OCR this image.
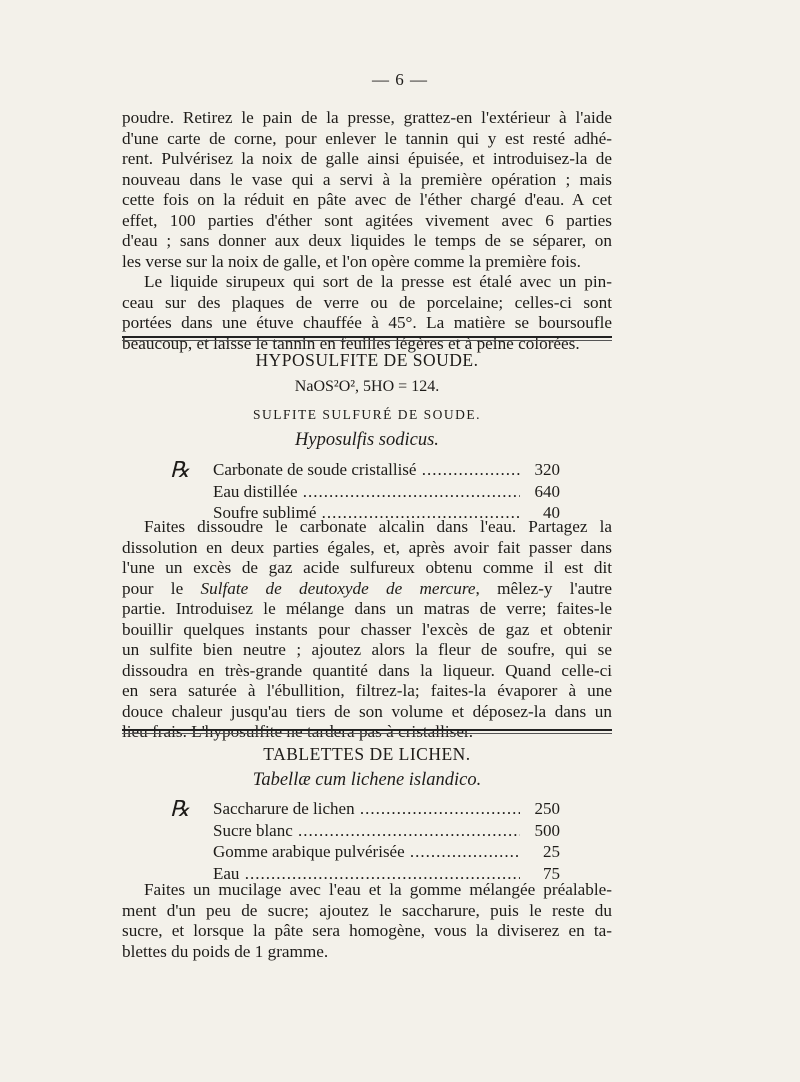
— 6 —
poudre. Retirez le pain de la presse, grattez-en l'extérieur à l'aide
d'une carte de corne, pour enlever le tannin qui y est resté adhé-
rent. Pulvérisez la noix de galle ainsi épuisée, et introduisez-la de
nouveau dans le vase qui a servi à la première opération ; mais
cette fois on la réduit en pâte avec de l'éther chargé d'eau. A cet
effet, 100 parties d'éther sont agitées vivement avec 6 parties
d'eau ; sans donner aux deux liquides le temps de se séparer, on
les verse sur la noix de galle, et l'on opère comme la première fois.
Le liquide sirupeux qui sort de la presse est étalé avec un pin-
ceau sur des plaques de verre ou de porcelaine; celles-ci sont
portées dans une étuve chauffée à 45°. La matière se boursoufle
beaucoup, et laisse le tannin en feuilles légères et à peine colorées.
HYPOSULFITE DE SOUDE.
NaOS²O², 5HO = 124.
SULFITE SULFURÉ DE SOUDE.
Hyposulfis sodicus.
℞	Carbonate de soude cristallisé .....	320
Eau distillée .....	640
Soufre sublimé .....	40
Faites dissoudre le carbonate alcalin dans l'eau. Partagez la
dissolution en deux parties égales, et, après avoir fait passer dans
l'une un excès de gaz acide sulfureux obtenu comme il est dit
pour le Sulfate de deutoxyde de mercure, mêlez-y l'autre
partie. Introduisez le mélange dans un matras de verre; faites-le
bouillir quelques instants pour chasser l'excès de gaz et obtenir
un sulfite bien neutre ; ajoutez alors la fleur de soufre, qui se
dissoudra en très-grande quantité dans la liqueur. Quand celle-ci
en sera saturée à l'ébullition, filtrez-la; faites-la évaporer à une
douce chaleur jusqu'au tiers de son volume et déposez-la dans un
lieu frais. L'hyposulfite ne tardera pas à cristalliser.
TABLETTES DE LICHEN.
Tabellæ cum lichene islandico.
℞	Saccharure de lichen .....	250
Sucre blanc .....	500
Gomme arabique pulvérisée .....	25
Eau .....	75
Faites un mucilage avec l'eau et la gomme mélangée préalable-
ment d'un peu de sucre; ajoutez le saccharure, puis le reste du
sucre, et lorsque la pâte sera homogène, vous la diviserez en ta-
blettes du poids de 1 gramme.
